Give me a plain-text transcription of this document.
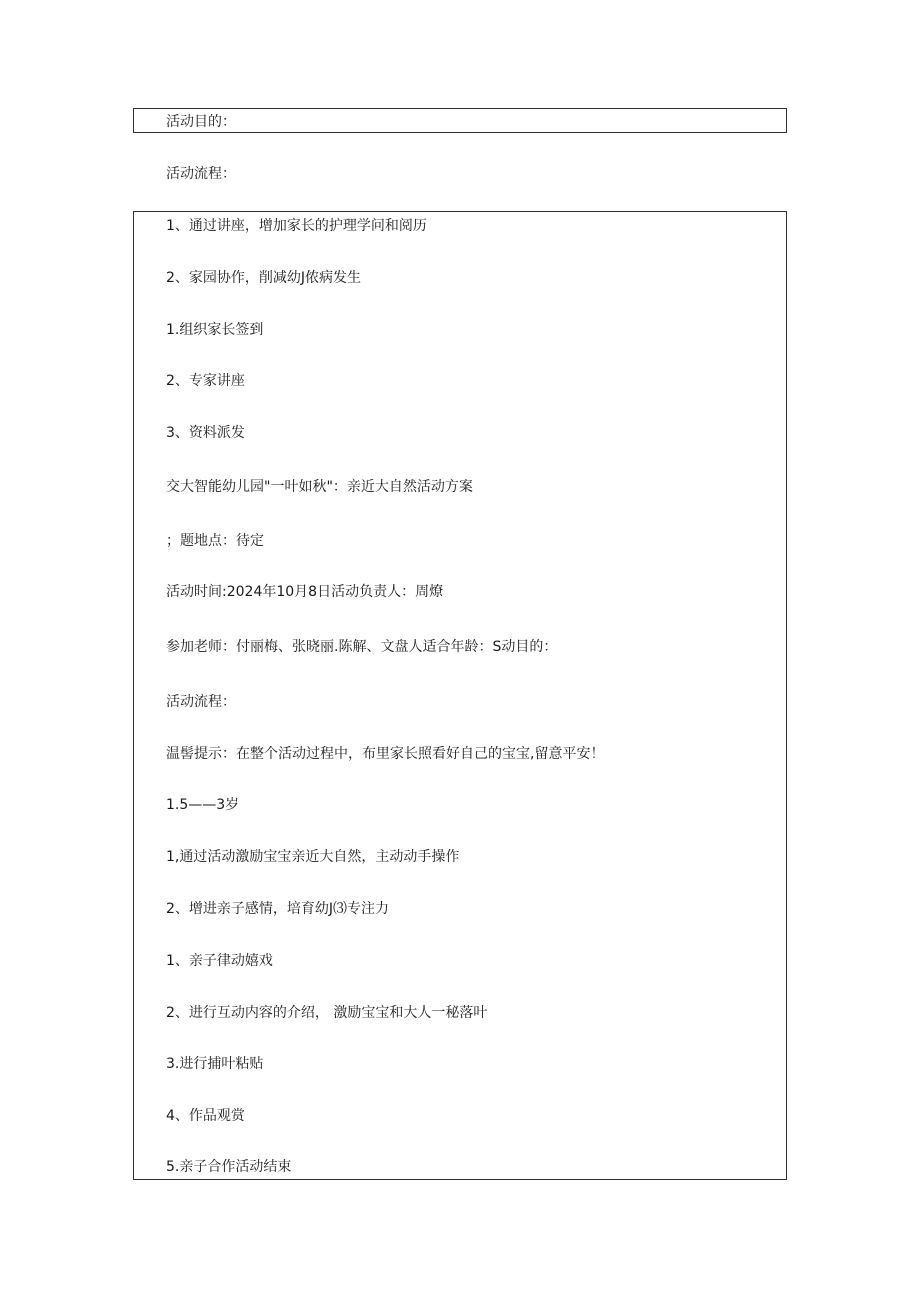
活动目的：
活动流程：
1、通过讲座，增加家长的护理学问和阅历
2、家园协作，削减幼J侬病发生
1.组织家长签到
2、专家讲座
3、资料派发
交大智能幼儿园"一叶如秋"：亲近大自然活动方案
；题地点：待定
活动时间:2024年10月8日活动负责人：周燎
参加老师：付丽梅、张晓丽.陈解、文盘人适合年龄：S动目的：
活动流程：
温髻提示：在整个活动过程中，布里家长照看好自己的宝宝,留意平安！
1.5——3岁
1,通过活动激励宝宝亲近大自然，主动动手操作
2、增进亲子感情，培育幼J⑶专注力
1、亲子律动嬉戏
2、进行互动内容的介绍， 激励宝宝和大人一秘落叶
3.进行捕叶粘贴
4、作品观赏
5.亲子合作活动结束
